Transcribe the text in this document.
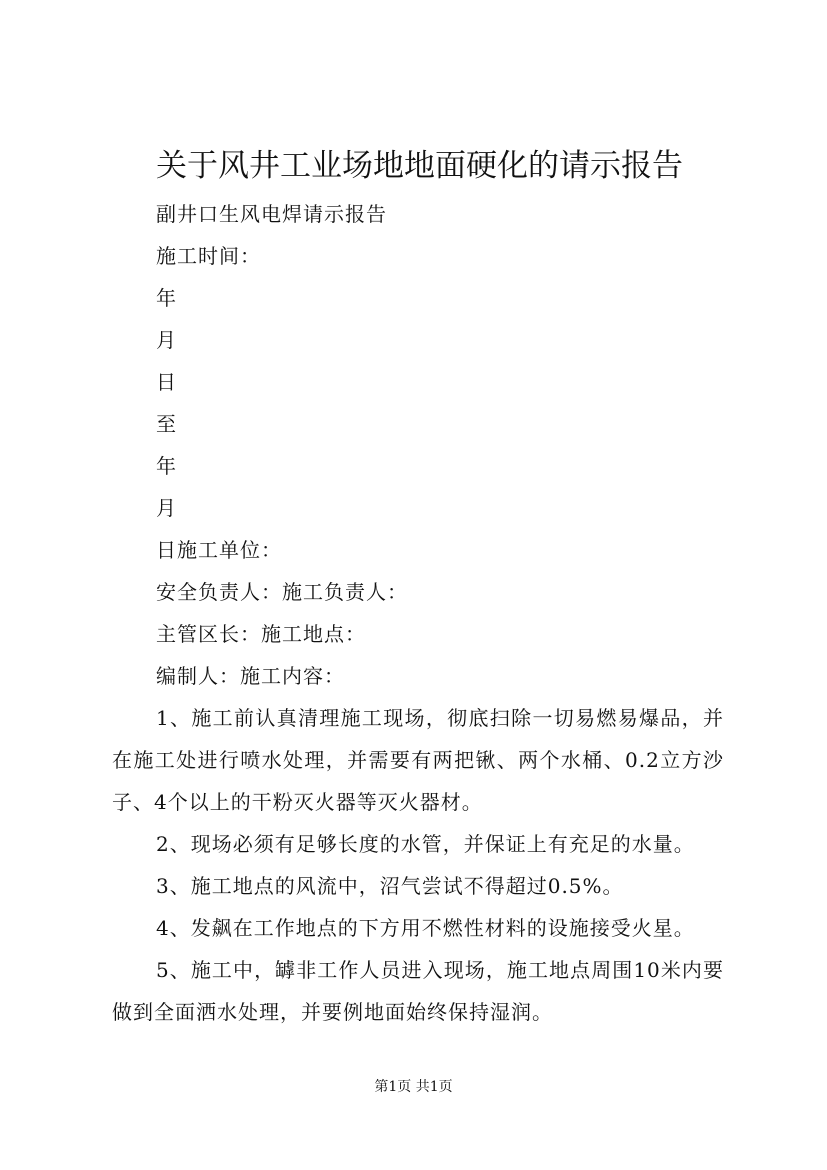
关于风井工业场地地面硬化的请示报告
副井口生风电焊请示报告
施工时间：
年
月
日
至
年
月
日施工单位：
安全负责人：施工负责人：
主管区长：施工地点：
编制人：施工内容：
1、施工前认真清理施工现场，彻底扫除一切易燃易爆品，并在施工处进行喷水处理，并需要有两把锹、两个水桶、0.2立方沙子、4个以上的干粉灭火器等灭火器材。
2、现场必须有足够长度的水管，并保证上有充足的水量。
3、施工地点的风流中，沼气尝试不得超过0.5%。
4、发飙在工作地点的下方用不燃性材料的设施接受火星。
5、施工中，罅非工作人员进入现场，施工地点周围10米内要做到全面洒水处理，并要例地面始终保持湿润。
第1页 共1页
